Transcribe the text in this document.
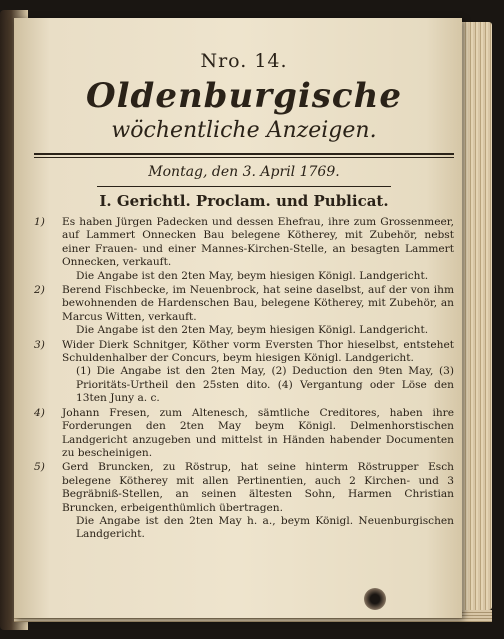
Nro. 14.
Oldenburgische
wöchentliche Anzeigen.
Montag, den 3. April 1769.
I. Gerichtl. Proclam. und Publicat.
1)	Es haben Jürgen Padecken und dessen Ehefrau, ihre zum Grossenmeer, auf Lammert Onnecken Bau belegene Kötherey, mit Zubehör, nebst einer Frauen- und einer Mannes-Kirchen-Stelle, an besagten Lammert Onnecken, verkauft.
Die Angabe ist den 2ten May, beym hiesigen Königl. Landgericht.
2)	Berend Fischbecke, im Neuenbrock, hat seine daselbst, auf der von ihm bewohnenden de Hardenschen Bau, belegene Kötherey, mit Zubehör, an Marcus Witten, verkauft.
Die Angabe ist den 2ten May, beym hiesigen Königl. Landgericht.
3)	Wider Dierk Schnitger, Köther vorm Eversten Thor hieselbst, entstehet Schuldenhalber der Concurs, beym hiesigen Königl. Landgericht.
(1) Die Angabe ist den 2ten May, (2) Deduction den 9ten May, (3) Prioritäts-Urtheil den 25sten dito. (4) Vergantung oder Löse den 13ten Juny a. c.
4)	Johann Fresen, zum Altenesch, sämtliche Creditores, haben ihre Forderungen den 2ten May beym Königl. Delmenhorstischen Landgericht anzugeben und mittelst in Händen habender Documenten zu bescheinigen.
5)	Gerd Bruncken, zu Röstrup, hat seine hinterm Röstrupper Esch belegene Kötherey mit allen Pertinentien, auch 2 Kirchen- und 3 Begräbniß-Stellen, an seinen ältesten Sohn, Harmen Christian Bruncken, erbeigenthümlich übertragen.
Die Angabe ist den 2ten May h. a., beym Königl. Neuenburgischen Landgericht.
